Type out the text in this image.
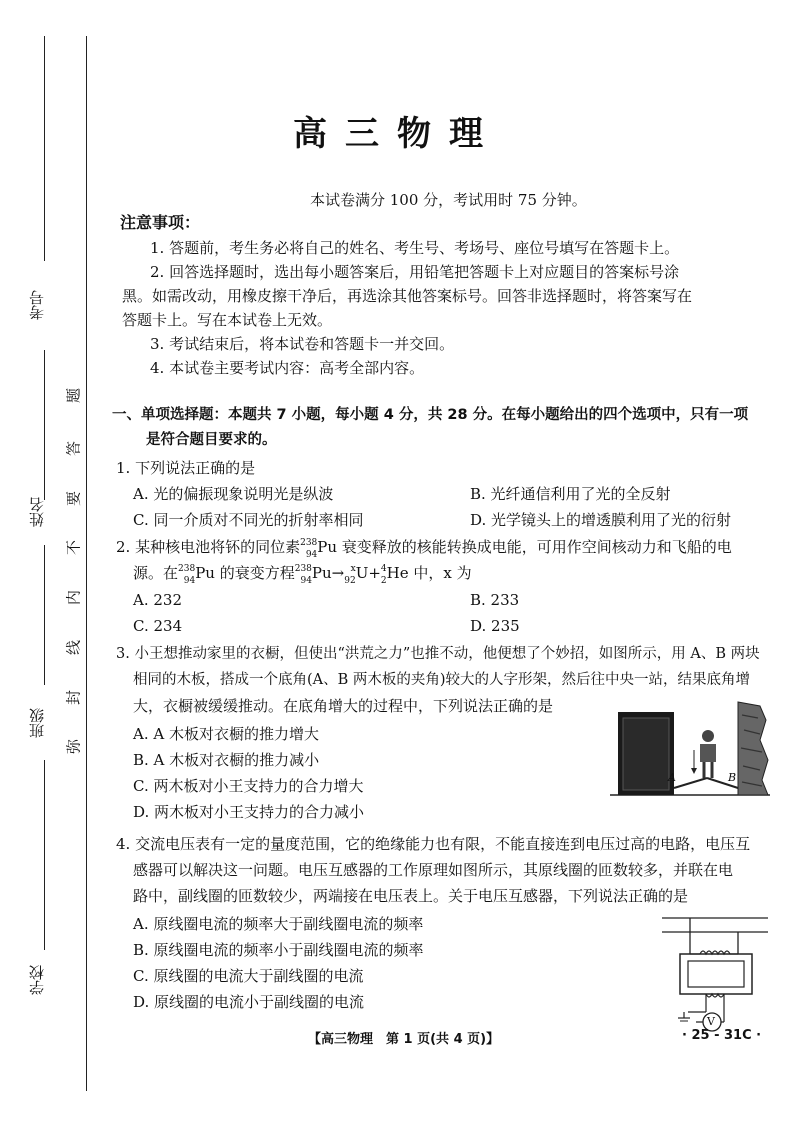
考号
姓名
班级
学校
题
答
要
不
内
线
封
弥
高三物理
本试卷满分 100 分，考试用时 75 分钟。
注意事项：
1. 答题前，考生务必将自己的姓名、考生号、考场号、座位号填写在答题卡上。
2. 回答选择题时，选出每小题答案后，用铅笔把答题卡上对应题目的答案标号涂
黑。如需改动，用橡皮擦干净后，再选涂其他答案标号。回答非选择题时，将答案写在
答题卡上。写在本试卷上无效。
3. 考试结束后，将本试卷和答题卡一并交回。
4. 本试卷主要考试内容：高考全部内容。
一、单项选择题：本题共 7 小题，每小题 4 分，共 28 分。在每小题给出的四个选项中，只有一项
是符合题目要求的。
1. 下列说法正确的是
A. 光的偏振现象说明光是纵波	B. 光纤通信利用了光的全反射
C. 同一介质对不同光的折射率相同	D. 光学镜头上的增透膜利用了光的衍射
2. 某种核电池将钚的同位素238
94Pu 衰变释放的核能转换成电能，可用作空间核动力和飞船的电
源。在238
94Pu 的衰变方程238
94Pu→ x
92U+4
2He 中，x 为
A. 232	B. 233
C. 234	D. 235
3. 小王想推动家里的衣橱，但使出“洪荒之力”也推不动，他便想了个妙招，如图所示，用 A、B 两块
相同的木板，搭成一个底角(A、B 两木板的夹角)较大的人字形架，然后往中央一站，结果底角增
大，衣橱被缓缓推动。在底角增大的过程中，下列说法正确的是
A. A 木板对衣橱的推力增大
B. A 木板对衣橱的推力减小
C. 两木板对小王支持力的合力增大
D. 两木板对小王支持力的合力减小
A	B
4. 交流电压表有一定的量度范围，它的绝缘能力也有限，不能直接连到电压过高的电路，电压互
感器可以解决这一问题。电压互感器的工作原理如图所示，其原线圈的匝数较多，并联在电
路中，副线圈的匝数较少，两端接在电压表上。关于电压互感器，下列说法正确的是
A. 原线圈电流的频率大于副线圈电流的频率
B. 原线圈电流的频率小于副线圈电流的频率
C. 原线圈的电流大于副线圈的电流
D. 原线圈的电流小于副线圈的电流
V
【高三物理　第 1 页(共 4 页)】	· 25 - 31C ·
